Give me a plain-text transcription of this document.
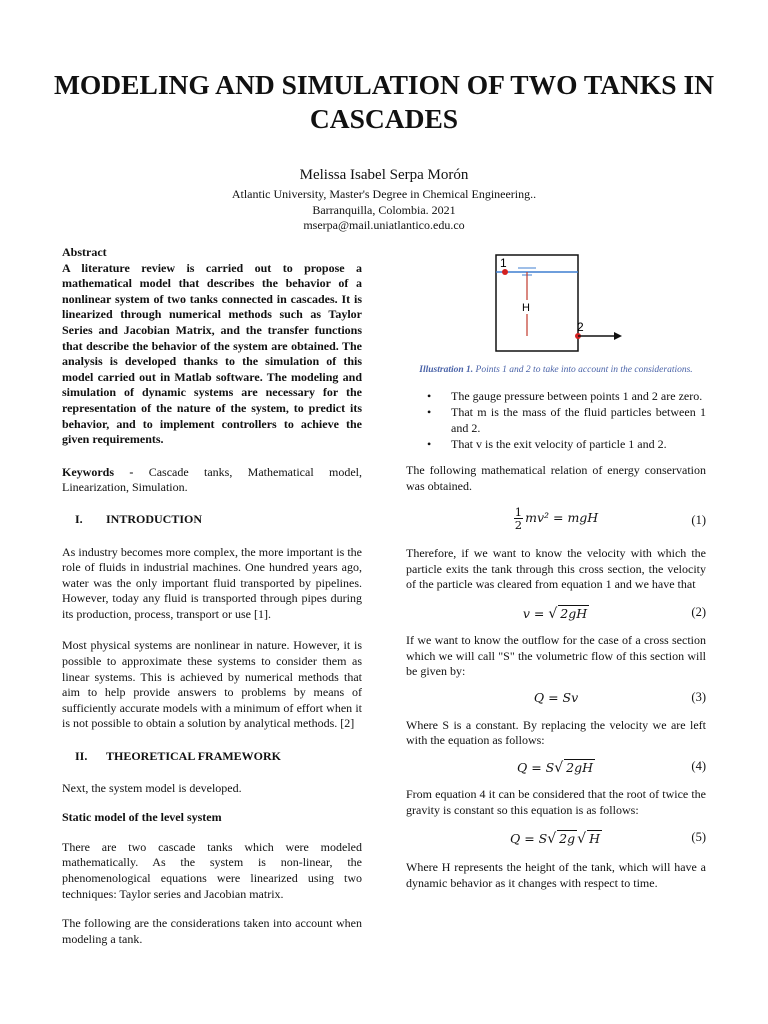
MODELING AND SIMULATION OF TWO TANKS IN CASCADES
Melissa Isabel Serpa Morón
Atlantic University, Master's Degree in Chemical Engineering..
Barranquilla, Colombia. 2021
mserpa@mail.uniatlantico.edu.co

Abstract

A literature review is carried out to propose a mathematical model that describes the behavior of a nonlinear system of two tanks connected in cascades. It is linearized through numerical methods such as Taylor Series and Jacobian Matrix, and the transfer functions that describe the behavior of the system are obtained. The analysis is developed thanks to the simulation of this model carried out in Matlab software. The modeling and simulation of dynamic systems are necessary for the representation of the nature of the system, to predict its behavior, and to implement controllers to achieve the given requirements.

Keywords - Cascade tanks, Mathematical model, Linearization, Simulation.

I.	INTRODUCTION

As industry becomes more complex, the more important is the role of fluids in industrial machines. One hundred years ago, water was the only important fluid transported by pipelines. However, today any fluid is transported through pipes during its production, process, transport or use [1].

Most physical systems are nonlinear in nature. However, it is possible to approximate these systems to consider them as linear systems. This is achieved by numerical methods that aim to help provide answers to problems by means of sufficiently accurate models with a minimum of effort when it is not possible to obtain a solution by analytical methods. [2]

II.	THEORETICAL FRAMEWORK

Next, the system model is developed.

Static model of the level system

There are two cascade tanks which were modeled mathematically. As the system is non-linear, the phenomenological equations were linearized using two techniques: Taylor series and Jacobian matrix.

The following are the considerations taken into account when modeling a tank.

1
H
2

Illustration 1. Points 1 and 2 to take into account in the considerations.

• The gauge pressure between points 1 and 2 are zero.
• That m is the mass of the fluid particles between 1 and 2.
• That v is the exit velocity of particle 1 and 2.

The following mathematical relation of energy conservation was obtained.

$\frac{1}{2} mv^2$ = mgH	(1)

Therefore, if we want to know the velocity with which the particle exits the tank through this cross section, the velocity of the particle was cleared from equation 1 and we have that

v = √ 2gH	(2)

If we want to know the outflow for the case of a cross section which we will call "S" the volumetric flow of this section will be given by:

Q = Sv	(3)

Where S is a constant. By replacing the velocity we are left with the equation as follows:

Q = S√ 2gH	(4)

From equation 4 it can be considered that the root of twice the gravity is constant so this equation is as follows:

Q = S√ 2g √ H	(5)

Where H represents the height of the tank, which will have a dynamic behavior as it changes with respect to time.
